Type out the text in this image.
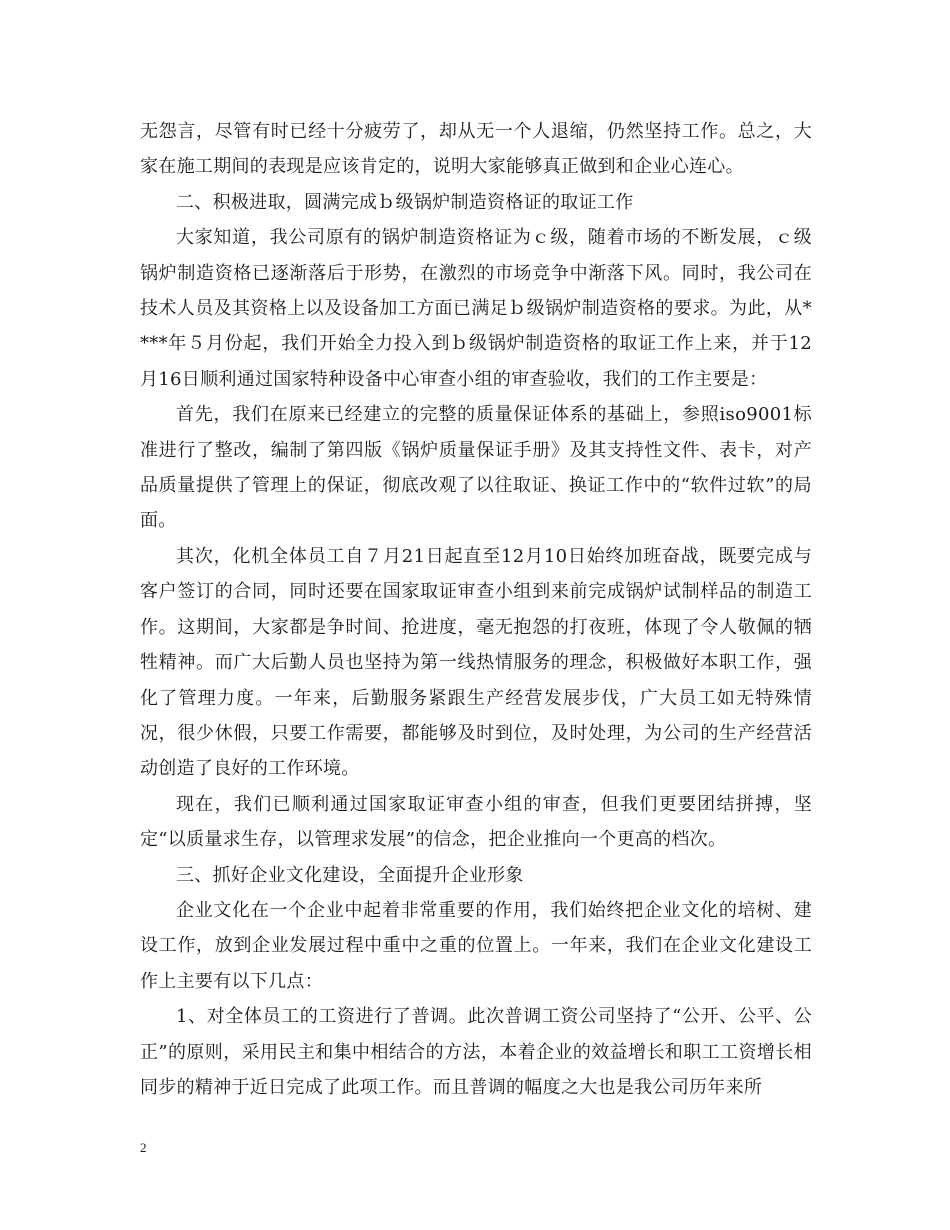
无怨言，尽管有时已经十分疲劳了，却从无一个人退缩，仍然坚持工作。总之，大家在施工期间的表现是应该肯定的，说明大家能够真正做到和企业心连心。

二、积极进取，圆满完成ｂ级锅炉制造资格证的取证工作

大家知道，我公司原有的锅炉制造资格证为ｃ级，随着市场的不断发展，ｃ级锅炉制造资格已逐渐落后于形势，在激烈的市场竞争中渐落下风。同时，我公司在技术人员及其资格上以及设备加工方面已满足ｂ级锅炉制造资格的要求。为此，从****年５月份起，我们开始全力投入到ｂ级锅炉制造资格的取证工作上来，并于12月16日顺利通过国家特种设备中心审查小组的审查验收，我们的工作主要是：

首先，我们在原来已经建立的完整的质量保证体系的基础上，参照iso9001标准进行了整改，编制了第四版《锅炉质量保证手册》及其支持性文件、表卡，对产品质量提供了管理上的保证，彻底改观了以往取证、换证工作中的“软件过软”的局面。

其次，化机全体员工自７月21日起直至12月10日始终加班奋战，既要完成与客户签订的合同，同时还要在国家取证审查小组到来前完成锅炉试制样品的制造工作。这期间，大家都是争时间、抢进度，毫无抱怨的打夜班，体现了令人敬佩的牺牲精神。而广大后勤人员也坚持为第一线热情服务的理念，积极做好本职工作，强化了管理力度。一年来，后勤服务紧跟生产经营发展步伐，广大员工如无特殊情况，很少休假，只要工作需要，都能够及时到位，及时处理，为公司的生产经营活动创造了良好的工作环境。

现在，我们已顺利通过国家取证审查小组的审查，但我们更要团结拼搏，坚定“以质量求生存，以管理求发展”的信念，把企业推向一个更高的档次。

三、抓好企业文化建设，全面提升企业形象

企业文化在一个企业中起着非常重要的作用，我们始终把企业文化的培树、建设工作，放到企业发展过程中重中之重的位置上。一年来，我们在企业文化建设工作上主要有以下几点：

1、对全体员工的工资进行了普调。此次普调工资公司坚持了“公开、公平、公正”的原则，采用民主和集中相结合的方法，本着企业的效益增长和职工工资增长相同步的精神于近日完成了此项工作。而且普调的幅度之大也是我公司历年来所

2
